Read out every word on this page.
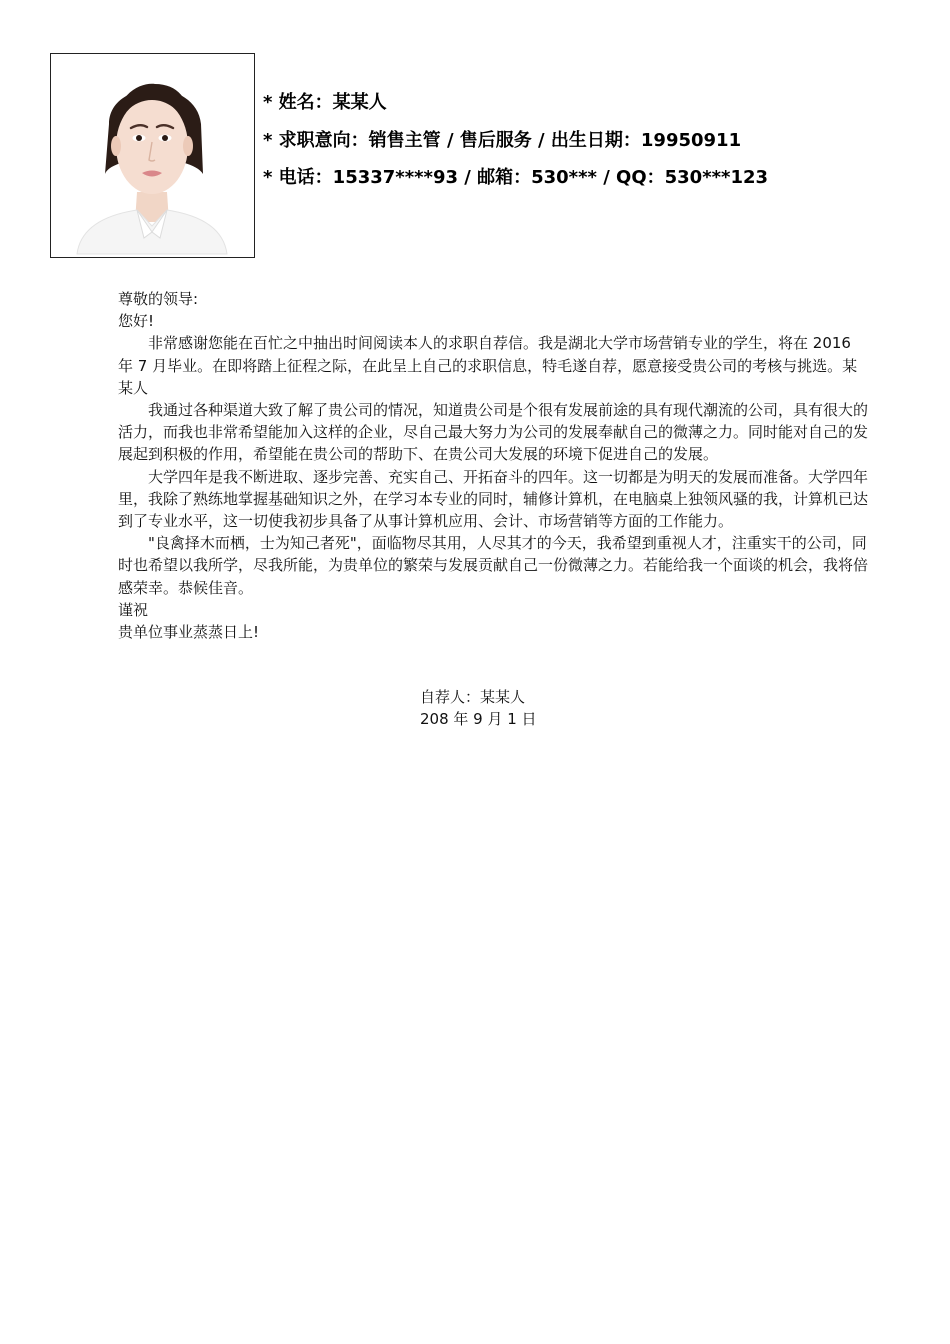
* 姓名：某某人
* 求职意向：销售主管 / 售后服务 / 出生日期：19950911
* 电话：15337****93 / 邮箱：530*** / QQ：530***123

尊敬的领导:

您好!

非常感谢您能在百忙之中抽出时间阅读本人的求职自荐信。我是湖北大学市场营销专业的学生，将在 2016 年 7 月毕业。在即将踏上征程之际，在此呈上自己的求职信息，特毛遂自荐，愿意接受贵公司的考核与挑选。某某人

我通过各种渠道大致了解了贵公司的情况，知道贵公司是个很有发展前途的具有现代潮流的公司，具有很大的活力，而我也非常希望能加入这样的企业，尽自己最大努力为公司的发展奉献自己的微薄之力。同时能对自己的发展起到积极的作用，希望能在贵公司的帮助下、在贵公司大发展的环境下促进自己的发展。

大学四年是我不断进取、逐步完善、充实自己、开拓奋斗的四年。这一切都是为明天的发展而准备。大学四年里，我除了熟练地掌握基础知识之外，在学习本专业的同时，辅修计算机，在电脑桌上独领风骚的我，计算机已达到了专业水平，这一切使我初步具备了从事计算机应用、会计、市场营销等方面的工作能力。

"良禽择木而栖，士为知己者死"，面临物尽其用，人尽其才的今天，我希望到重视人才，注重实干的公司，同时也希望以我所学，尽我所能，为贵单位的繁荣与发展贡献自己一份微薄之力。若能给我一个面谈的机会，我将倍感荣幸。恭候佳音。

谨祝

贵单位事业蒸蒸日上!

自荐人：某某人
208 年 9 月 1 日
